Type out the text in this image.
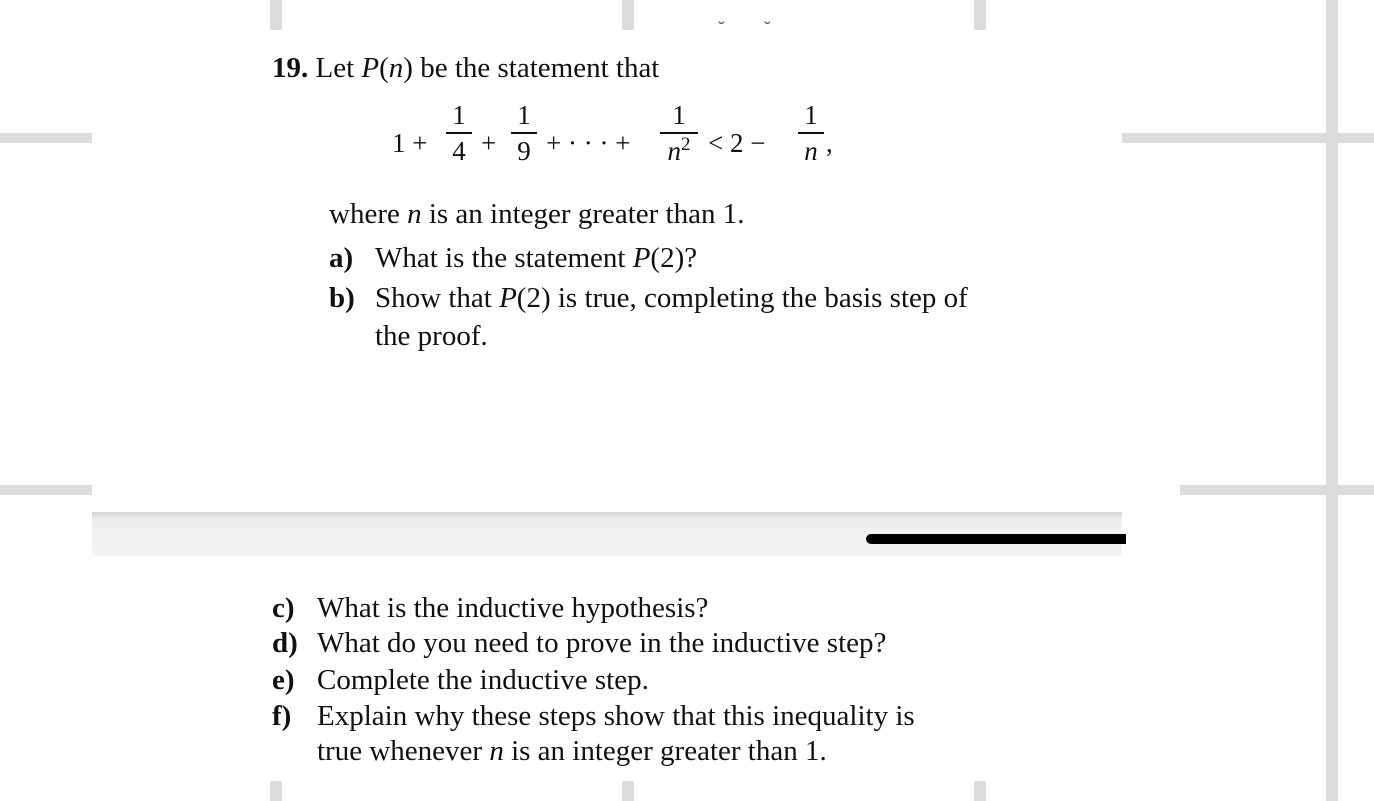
˘ ˘
19. Let P(n) be the statement that
1 +
1
4 +
1
9 + · · · +
1
$n^2 < 2$ −
1
n ,
where n is an integer greater than 1.
a) What is the statement P(2)?
b) Show that P(2) is true, completing the basis step of
the proof.
c) What is the inductive hypothesis?
d) What do you need to prove in the inductive step?
e) Complete the inductive step.
f) Explain why these steps show that this inequality is
true whenever n is an integer greater than 1.
